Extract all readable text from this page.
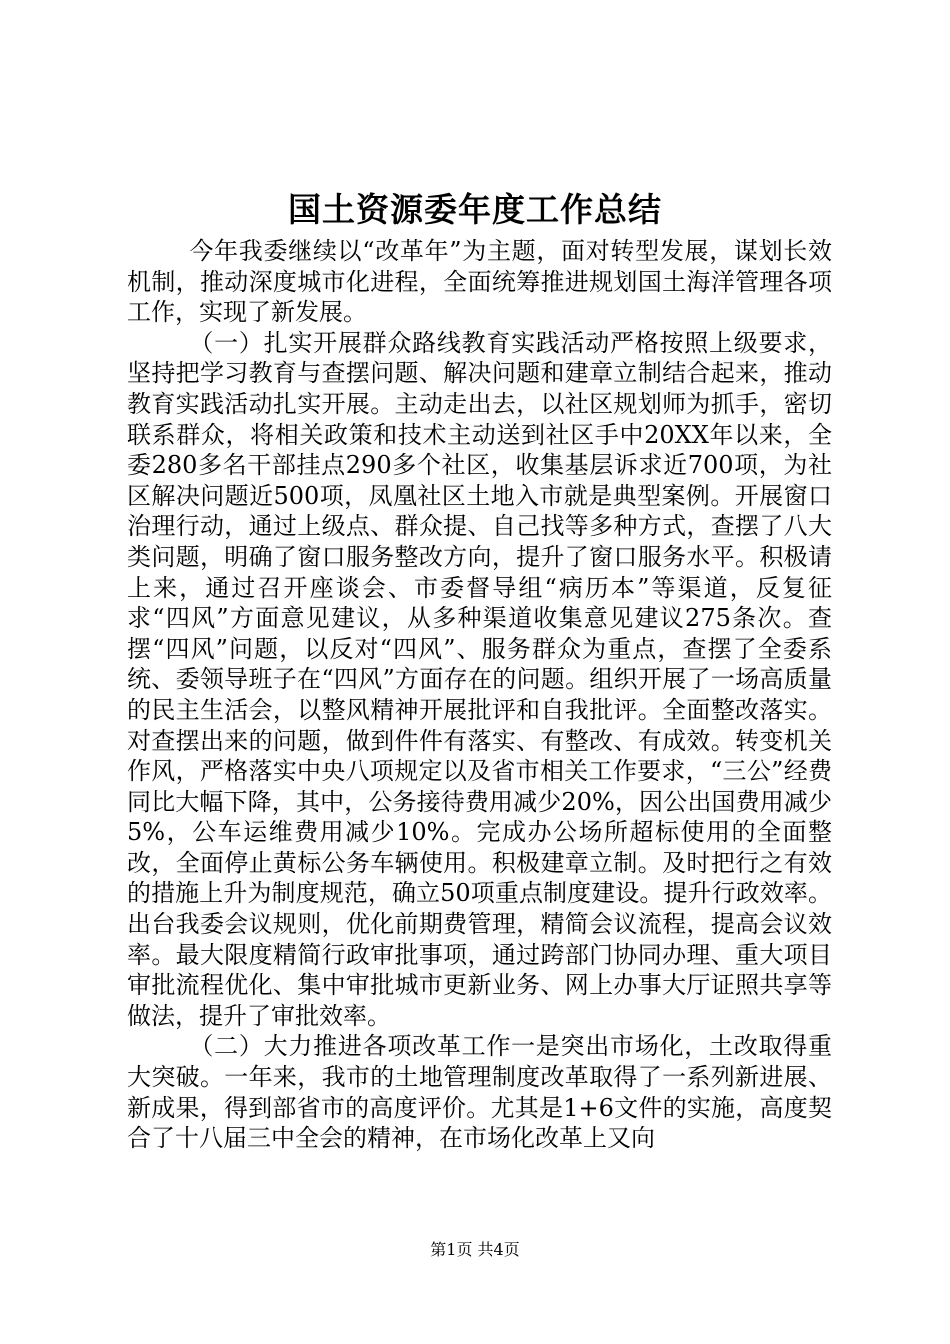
国土资源委年度工作总结

今年我委继续以“改革年”为主题，面对转型发展，谋划长效机制，推动深度城市化进程，全面统筹推进规划国土海洋管理各项工作，实现了新发展。

（一）扎实开展群众路线教育实践活动严格按照上级要求，坚持把学习教育与查摆问题、解决问题和建章立制结合起来，推动教育实践活动扎实开展。主动走出去，以社区规划师为抓手，密切联系群众，将相关政策和技术主动送到社区手中20XX年以来，全委280多名干部挂点290多个社区，收集基层诉求近700项，为社区解决问题近500项，凤凰社区土地入市就是典型案例。开展窗口治理行动，通过上级点、群众提、自己找等多种方式，查摆了八大类问题，明确了窗口服务整改方向，提升了窗口服务水平。积极请上来，通过召开座谈会、市委督导组“病历本”等渠道，反复征求“四风”方面意见建议，从多种渠道收集意见建议275条次。查摆“四风”问题，以反对“四风”、服务群众为重点，查摆了全委系统、委领导班子在“四风”方面存在的问题。组织开展了一场高质量的民主生活会，以整风精神开展批评和自我批评。全面整改落实。对查摆出来的问题，做到件件有落实、有整改、有成效。转变机关作风，严格落实中央八项规定以及省市相关工作要求，“三公”经费同比大幅下降，其中，公务接待费用减少20%，因公出国费用减少5%，公车运维费用减少10%。完成办公场所超标使用的全面整改，全面停止黄标公务车辆使用。积极建章立制。及时把行之有效的措施上升为制度规范，确立50项重点制度建设。提升行政效率。出台我委会议规则，优化前期费管理，精简会议流程，提高会议效率。最大限度精简行政审批事项，通过跨部门协同办理、重大项目审批流程优化、集中审批城市更新业务、网上办事大厅证照共享等做法，提升了审批效率。

（二）大力推进各项改革工作一是突出市场化，土改取得重大突破。一年来，我市的土地管理制度改革取得了一系列新进展、新成果，得到部省市的高度评价。尤其是1+6文件的实施，高度契合了十八届三中全会的精神，在市场化改革上又向

第1页 共4页
